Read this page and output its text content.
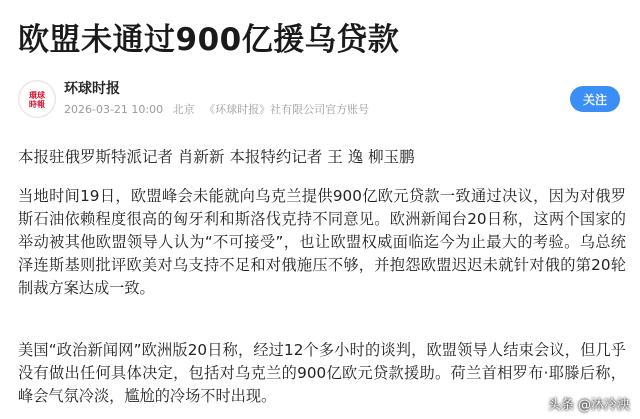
欧盟未通过900亿援乌贷款
環球
時報
环球时报
2026-03-21 10:00 北京 《环球时报》社有限公司官方账号
关注

本报驻俄罗斯特派记者 肖新新 本报特约记者 王 逸 柳玉鹏

当地时间19日，欧盟峰会未能就向乌克兰提供900亿欧元贷款一致通过决议，因为对俄罗斯石油依赖程度很高的匈牙利和斯洛伐克持不同意见。欧洲新闻台20日称，这两个国家的举动被其他欧盟领导人认为“不可接受”，也让欧盟权威面临迄今为止最大的考验。乌总统泽连斯基则批评欧美对乌支持不足和对俄施压不够，并抱怨欧盟迟迟未就针对俄的第20轮制裁方案达成一致。

美国“政治新闻网”欧洲版20日称，经过12个多小时的谈判，欧盟领导人结束会议，但几乎没有做出任何具体决定，包括对乌克兰的900亿欧元贷款援助。荷兰首相罗布·耶滕后称，峰会气氛冷淡，尴尬的冷场不时出现。

头条 @沐冷泱
